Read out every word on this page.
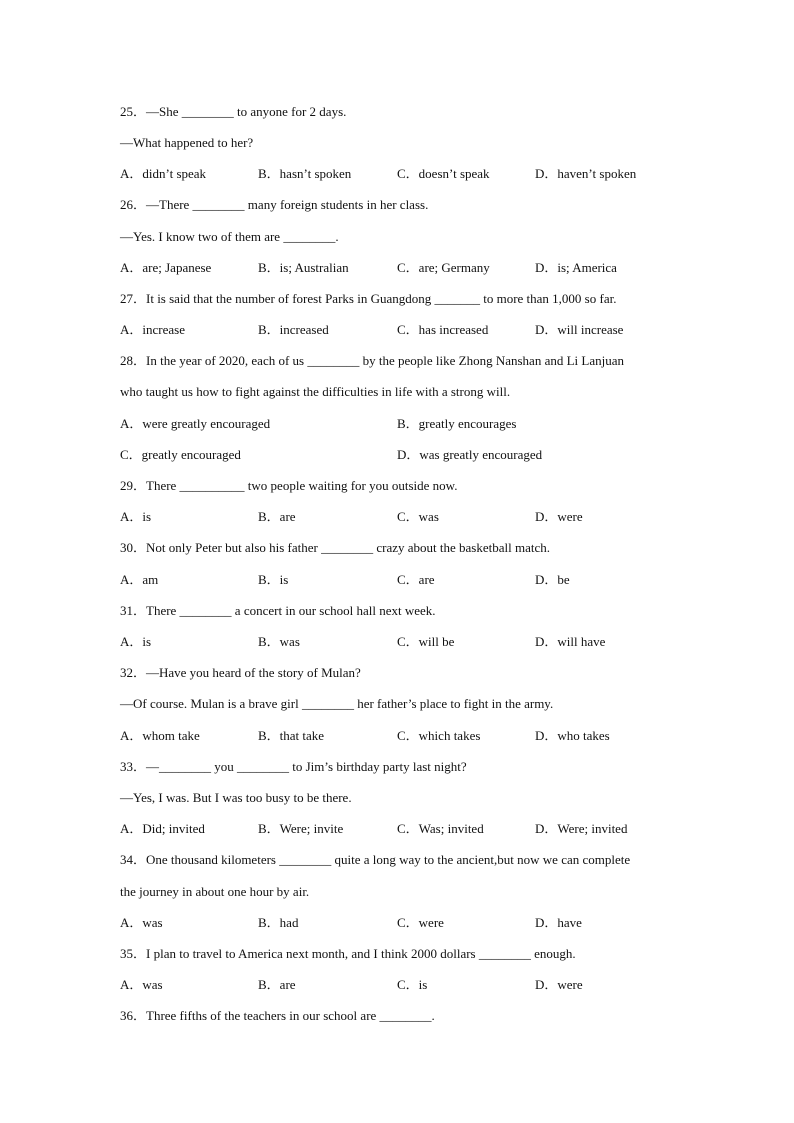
25．—She ________ to anyone for 2 days.
—What happened to her?
A．didn’t speak	B．hasn’t spoken	C．doesn’t speak	D．haven’t spoken
26．—There ________ many foreign students in her class.
—Yes. I know two of them are ________.
A．are; Japanese	B．is; Australian	C．are; Germany	D．is; America
27．It is said that the number of forest Parks in Guangdong _______ to more than 1,000 so far.
A．increase	B．increased	C．has increased	D．will increase
28．In the year of 2020, each of us ________ by the people like Zhong Nanshan and Li Lanjuan
who taught us how to fight against the difficulties in life with a strong will.
A．were greatly encouraged	B．greatly encourages
C．greatly encouraged	D．was greatly encouraged
29．There __________ two people waiting for you outside now.
A．is	B．are	C．was	D．were
30．Not only Peter but also his father ________ crazy about the basketball match.
A．am	B．is	C．are	D．be
31．There ________ a concert in our school hall next week.
A．is	B．was	C．will be	D．will have
32．—Have you heard of the story of Mulan?
—Of course. Mulan is a brave girl ________ her father’s place to fight in the army.
A．whom take	B．that take	C．which takes	D．who takes
33．—________ you ________ to Jim’s birthday party last night?
—Yes, I was. But I was too busy to be there.
A．Did; invited	B．Were; invite	C．Was; invited	D．Were; invited
34．One thousand kilometers ________ quite a long way to the ancient,but now we can complete
the journey in about one hour by air.
A．was	B．had	C．were	D．have
35．I plan to travel to America next month, and I think 2000 dollars ________ enough.
A．was	B．are	C．is	D．were
36．Three fifths of the teachers in our school are ________.
